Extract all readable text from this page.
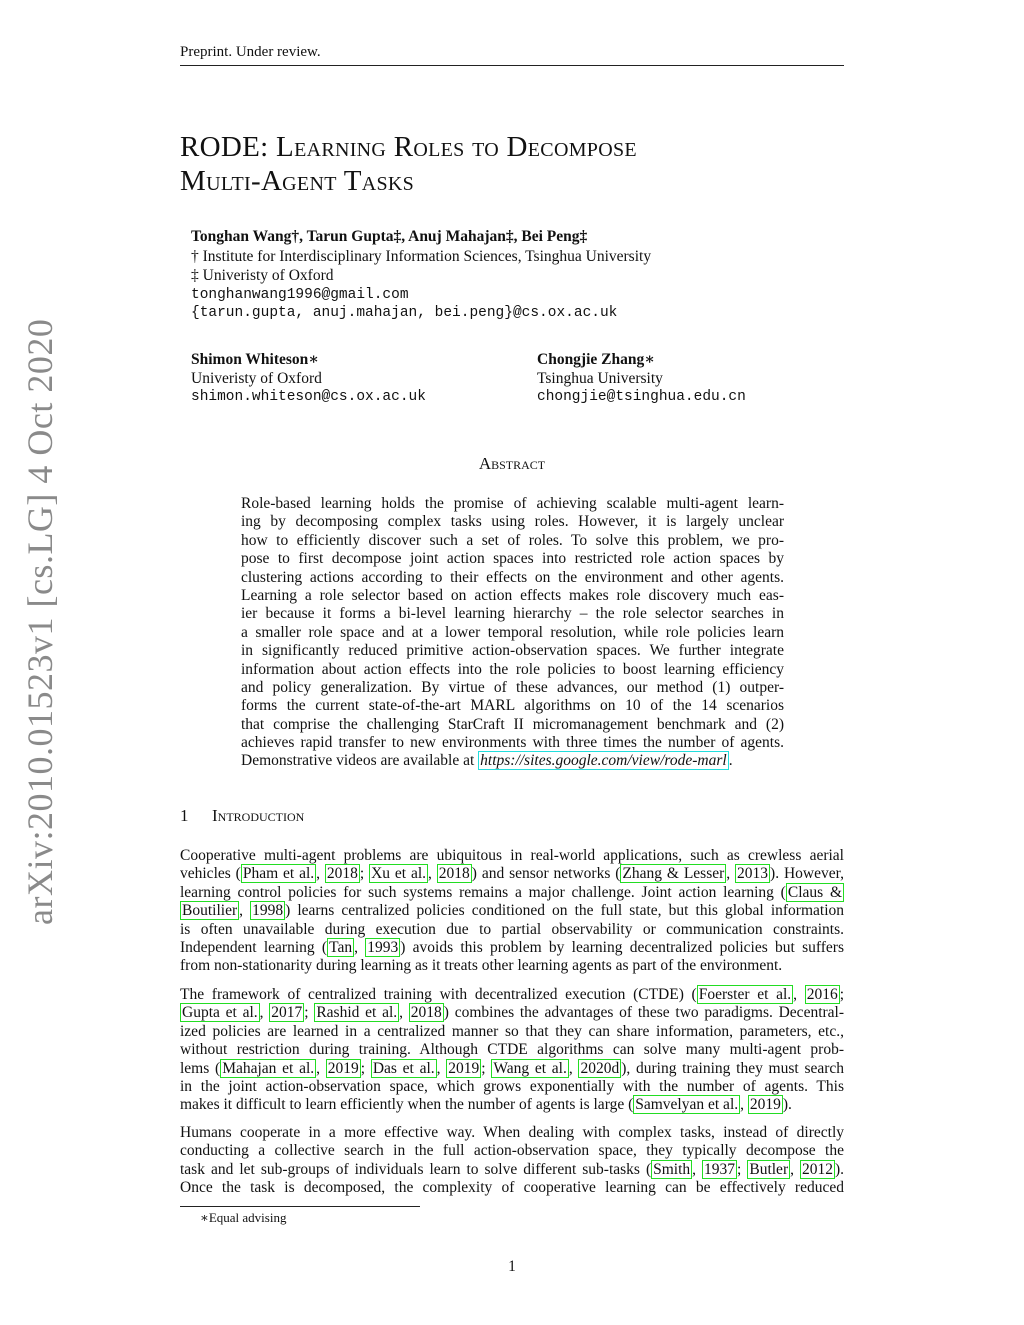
Preprint. Under review.
RODE: Learning Roles to Decompose
Multi-Agent Tasks
Tonghan Wang†, Tarun Gupta‡, Anuj Mahajan‡, Bei Peng‡
† Institute for Interdisciplinary Information Sciences, Tsinghua University
‡ Univeristy of Oxford
tonghanwang1996@gmail.com
{tarun.gupta, anuj.mahajan, bei.peng}@cs.ox.ac.uk
Shimon Whiteson∗
Univeristy of Oxford
shimon.whiteson@cs.ox.ac.uk
Chongjie Zhang∗
Tsinghua University
chongjie@tsinghua.edu.cn
arXiv:2010.01523v1 [cs.LG] 4 Oct 2020	Abstract
Role-based learning holds the promise of achieving scalable multi-agent learn-
ing by decomposing complex tasks using roles. However, it is largely unclear
how to efficiently discover such a set of roles. To solve this problem, we pro-
pose to first decompose joint action spaces into restricted role action spaces by
clustering actions according to their effects on the environment and other agents.
Learning a role selector based on action effects makes role discovery much eas-
ier because it forms a bi-level learning hierarchy – the role selector searches in
a smaller role space and at a lower temporal resolution, while role policies learn
in significantly reduced primitive action-observation spaces. We further integrate
information about action effects into the role policies to boost learning efficiency
and policy generalization. By virtue of these advances, our method (1) outper-
forms the current state-of-the-art MARL algorithms on 10 of the 14 scenarios
that comprise the challenging StarCraft II micromanagement benchmark and (2)
achieves rapid transfer to new environments with three times the number of agents.
Demonstrative videos are available at https://sites.google.com/view/rode-marl .
1 Introduction
Cooperative multi-agent problems are ubiquitous in real-world applications, such as crewless aerial
vehicles ( Pham et al. , 2018 ; Xu et al. , 2018 ) and sensor networks ( Zhang & Lesser , 2013 ). However,
learning control policies for such systems remains a major challenge. Joint action learning ( Claus &
Boutilier , 1998 ) learns centralized policies conditioned on the full state, but this global information
is often unavailable during execution due to partial observability or communication constraints.
Independent learning ( Tan , 1993 ) avoids this problem by learning decentralized policies but suffers
from non-stationarity during learning as it treats other learning agents as part of the environment.
The framework of centralized training with decentralized execution (CTDE) ( Foerster et al. , 2016 ;
Gupta et al. , 2017 ; Rashid et al. , 2018 ) combines the advantages of these two paradigms. Decentral-
ized policies are learned in a centralized manner so that they can share information, parameters, etc.,
without restriction during training. Although CTDE algorithms can solve many multi-agent prob-
lems ( Mahajan et al. , 2019 ; Das et al. , 2019 ; Wang et al. , 2020d ), during training they must search
in the joint action-observation space, which grows exponentially with the number of agents. This
makes it difficult to learn efficiently when the number of agents is large ( Samvelyan et al. , 2019 ).
Humans cooperate in a more effective way. When dealing with complex tasks, instead of directly
conducting a collective search in the full action-observation space, they typically decompose the
task and let sub-groups of individuals learn to solve different sub-tasks ( Smith , 1937 ; Butler , 2012 ).
Once the task is decomposed, the complexity of cooperative learning can be effectively reduced
∗Equal advising
1
